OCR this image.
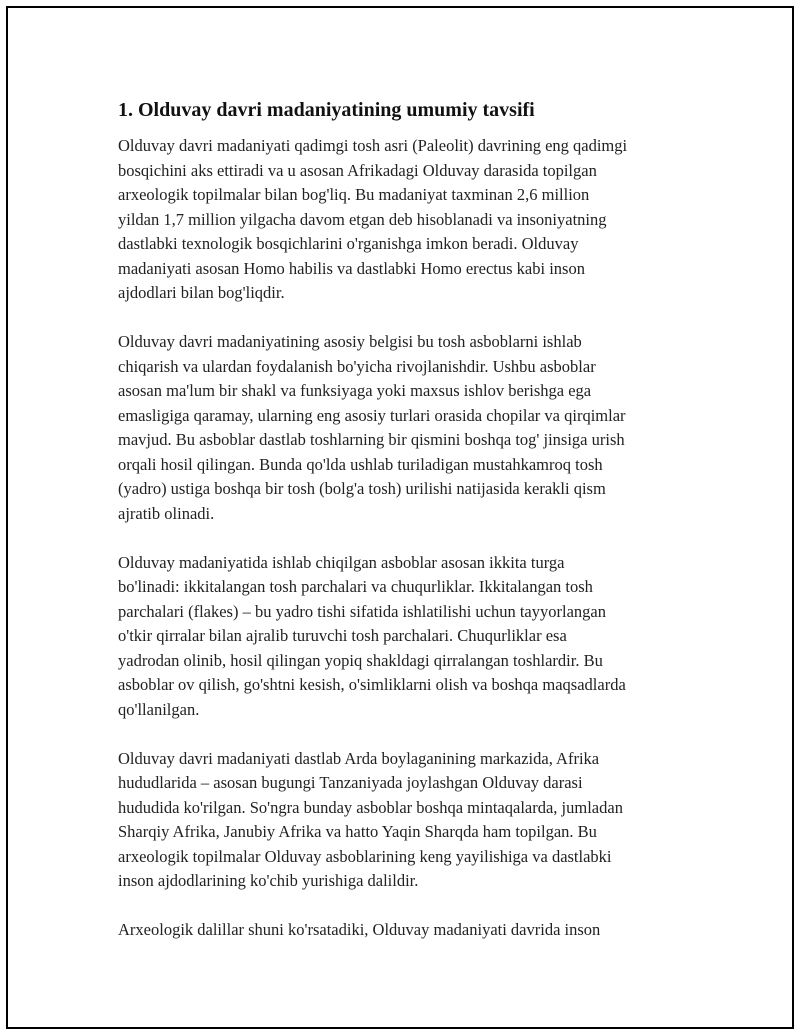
1. Olduvay davri madaniyatining umumiy tavsifi

Olduvay davri madaniyati qadimgi tosh asri (Paleolit) davrining eng qadimgi
bosqichini aks ettiradi va u asosan Afrikadagi Olduvay darasida topilgan
arxeologik topilmalar bilan bog'liq. Bu madaniyat taxminan 2,6 million
yildan 1,7 million yilgacha davom etgan deb hisoblanadi va insoniyatning
dastlabki texnologik bosqichlarini o'rganishga imkon beradi. Olduvay
madaniyati asosan Homo habilis va dastlabki Homo erectus kabi inson
ajdodlari bilan bog'liqdir.

Olduvay davri madaniyatining asosiy belgisi bu tosh asboblarni ishlab
chiqarish va ulardan foydalanish bo'yicha rivojlanishdir. Ushbu asboblar
asosan ma'lum bir shakl va funksiyaga yoki maxsus ishlov berishga ega
emasligiga qaramay, ularning eng asosiy turlari orasida chopilar va qirqimlar
mavjud. Bu asboblar dastlab toshlarning bir qismini boshqa tog' jinsiga urish
orqali hosil qilingan. Bunda qo'lda ushlab turiladigan mustahkamroq tosh
(yadro) ustiga boshqa bir tosh (bolg'a tosh) urilishi natijasida kerakli qism
ajratib olinadi.

Olduvay madaniyatida ishlab chiqilgan asboblar asosan ikkita turga
bo'linadi: ikkitalangan tosh parchalari va chuqurliklar. Ikkitalangan tosh
parchalari (flakes) – bu yadro tishi sifatida ishlatilishi uchun tayyorlangan
o'tkir qirralar bilan ajralib turuvchi tosh parchalari. Chuqurliklar esa
yadrodan olinib, hosil qilingan yopiq shakldagi qirralangan toshlardir. Bu
asboblar ov qilish, go'shtni kesish, o'simliklarni olish va boshqa maqsadlarda
qo'llanilgan.

Olduvay davri madaniyati dastlab Arda boylaganining markazida, Afrika
hududlarida – asosan bugungi Tanzaniyada joylashgan Olduvay darasi
hududida ko'rilgan. So'ngra bunday asboblar boshqa mintaqalarda, jumladan
Sharqiy Afrika, Janubiy Afrika va hatto Yaqin Sharqda ham topilgan. Bu
arxeologik topilmalar Olduvay asboblarining keng yayilishiga va dastlabki
inson ajdodlarining ko'chib yurishiga dalildir.

Arxeologik dalillar shuni ko'rsatadiki, Olduvay madaniyati davrida inson
